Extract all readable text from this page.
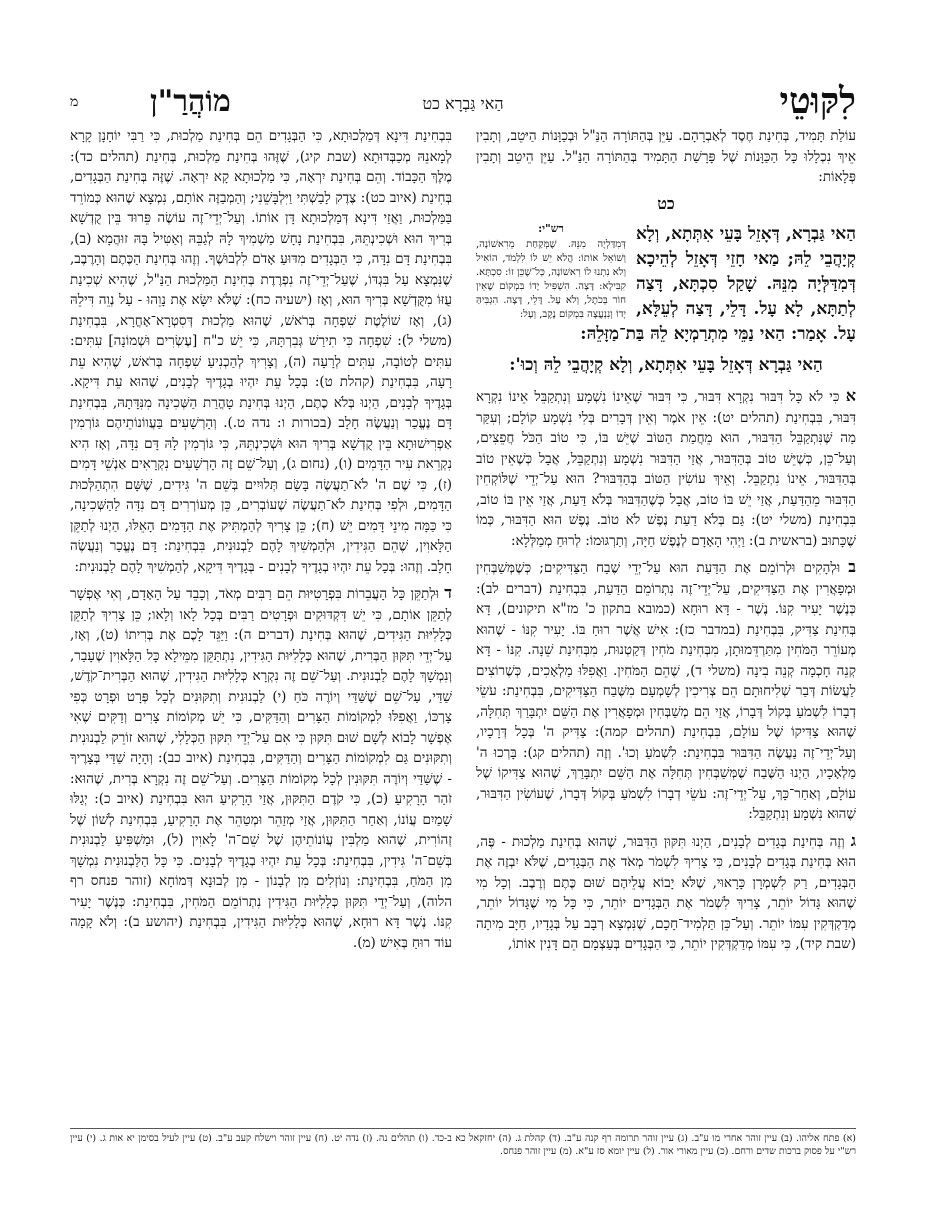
לִקּוּטֵי
הַאי גַּבְרָא כט
מוֹהֲרַ"ן
מ

עוֹלַת תָּמִיד, בְּחִינַת חֶסֶד לְאַבְרָהָם. עַיֵּן בְּהַתּוֹרָה הַנַּ"ל וּבְכַוָּנוֹת הַיּטֵב, וְתָבִין אֵיךְ נִכְלָלוּ כָּל הַכַּוָּנוֹת שֶׁל פָּרָשַׁת הַתָּמִיד בְּהַתּוֹרָה הַנַּ"ל. עַיֵּן הֵיטֵב וְתָבִין פְּלָאוֹת:

כט
רש"י:
דְּמִדַּלְיָה מִנֵּהּ. שֶׁמְּקַחַת מֵרִאשׁוֹנָה, וְשׁוֹאֵל אוֹתוֹ: הֲלֹא יֵשׁ לוֹ לִלְמֹד, הוֹאִיל וְלֹא נִתְנוּ לוֹ רִאשׁוֹנָה, כְּל־שֶׁכֵּן זוֹ: סִכְתָּא. קִבִּילָא: דָּצָה. הִשְׁפִּיל יָדוֹ בִּמְקוֹם שֶׁאֵין חוֹר בְּכֹתֶל, וְלֹא עָל. דָּלֵי, דָּצָה. הִגְבִּיהַּ יָדוֹ וְנִנְעֲצָה בִּמְקוֹם נֶקֶב, וְעָל:
הַאי גַּבְרָא, דְּאָזֵל בָּעֵי אִתְּתָא, וְלָא קְיָהֲבֵי לֵהּ; מַאי חָזֵי דְּאָזֵל לְהֵיכָא דְּמִדַּלְּיָה מִנֵּהּ. שָׁקַל סִכְתָּא, דָּצַה לְתַתָּא, לָא עָל. דָּלֵי, דָּצַה לְעֵלָּא, עָל. אָמַר: הַאי נַמֵּי מִתְרַמְיָא לֵהּ בַּת־מַזָּלֵהּ:
הַאי גַּבְרָא דְּאָזֵל בָּעֵי אִתְּתָא, וְלָא קְיָהֲבֵי לֵהּ וְכוּ':

א כִּי לֹא כָּל דִּבּוּר נִקְרָא דִּבּוּר, כִּי דִּבּוּר שֶׁאֵינוֹ נִשְׁמָע וְנִתְקַבֵּל אֵינוֹ נִקְרָא דִּבּוּר, בִּבְחִינַת (תהלים יט): אֵין אֹמֶר וְאֵין דְּבָרִים בְּלִי נִשְׁמָע קוֹלָם; וְעִקַּר מַה שֶּׁנִּתְקַבֵּל הַדִּבּוּר, הוּא מֵחֲמַת הַטּוֹב שֶׁיֵּשׁ בּוֹ, כִּי טוֹב הַכֹּל חֲפֵצִים, וְעַל־כֵּן, כְּשֶׁיֵּשׁ טוֹב בְּהַדִּבּוּר, אֲזַי הַדִּבּוּר נִשְׁמָע וְנִתְקַבֵּל, אֲבָל כְּשֶׁאֵין טוֹב בְּהַדִּבּוּר, אֵינוֹ נִתְקַבֵּל. וְאֵיךְ עוֹשִׂין הַטּוֹב בְּהַדִּבּוּר? הוּא עַל־יְדֵי שֶׁלּוֹקְחִין הַדִּבּוּר מֵהַדַּעַת, אֲזַי יֵשׁ בּוֹ טוֹב, אֲבָל כְּשֶׁהַדִּבּוּר בְּלֹא דַּעַת, אֲזַי אֵין בּוֹ טוֹב, בִּבְחִינַת (משלי יט): גַּם בְּלֹא דַעַת נֶפֶשׁ לֹא טוֹב. נֶפֶשׁ הוּא הַדִּבּוּר, כְּמוֹ שֶׁכָּתוּב (בראשית ב): וַיְהִי הָאָדָם לְנֶפֶשׁ חַיָּה, וְתַרְגּוּמוֹ: לְרוּחַ מְמַלְּלָא:

ב וּלְהָקִים וּלְרוֹמֵם אֶת הַדַּעַת הוּא עַל־יְדֵי שֶׁבַח הַצַּדִּיקִים; כְּשֶׁמְּשַׁבְּחִין וּמְפָאֲרִין אֶת הַצַּדִּיקִים, עַל־יְדֵי־זֶה נִתְרוֹמֵם הַדַּעַת, בִּבְחִינַת (דברים לב): כְּנֶשֶׁר יָעִיר קִנּוֹ. נֶשֶׁר - דָּא רוּחָא (כמובא בתקון כ' מז"א תיקונים), דָּא בְּחִינַת צַדִּיק, בִּבְחִינַת (במדבר כז): אִישׁ אֲשֶׁר רוּחַ בּוֹ. יָעִיר קִנּוֹ - שֶׁהוּא מְעוֹרֵר הַמֹּחִין מִתַּרְדֵּמוּתָן, מִבְּחִינַת מֹחִין דְּקַטְנוּת, מִבְּחִינַת שֵׁנָה. קִנּוֹ - דָּא קְנֵה חָכְמָה קְנֵה בִינָה (משלי ד), שֶׁהֵם הַמֹּחִין. וַאֲפִלּוּ מַלְאָכִים, כְּשֶׁרוֹצִים לַעֲשׂוֹת דְּבַר שְׁלִיחוּתָם הֵם צְרִיכִין לְשָׁמְעָם מִשֶּׁבַח הַצַּדִּיקִים, בִּבְחִינַת: עֹשֵׂי דְבָרוֹ לִשְׁמֹעַ בְּקוֹל דְּבָרוֹ, אֲזַי הֵם מְשַׁבְּחִין וּמְפָאֲרִין אֶת הַשֵּׁם יִתְבָּרַךְ תְּחִלָּה, שֶׁהוּא צַדִּיקוֹ שֶׁל עוֹלָם, בִּבְחִינַת (תהלים קמה): צַדִּיק ה' בְּכָל דְּרָכָיו, וְעַל־יְדֵי־זֶה נַעֲשֶׂה הַדִּבּוּר בִּבְחִינַת: לִשְׁמֹעַ וְכוּ'. וְזֶה (תהלים קג): בָּרְכוּ ה' מַלְאָכָיו, הַיְנוּ הַשֶּׁבַח שֶׁמְּשַׁבְּחִין תְּחִלָּה אֶת הַשֵּׁם יִתְבָּרַךְ, שֶׁהוּא צַדִּיקוֹ שֶׁל עוֹלָם, וְאַחַר־כָּךְ, עַל־יְדֵי־זֶה: עֹשֵׂי דְבָרוֹ לִשְׁמֹעַ בְּקוֹל דְּבָרוֹ, שֶׁעוֹשִׂין הַדִּבּוּר, שֶׁהוּא נִשְׁמָע וְנִתְקַבֵּל:

ג וְזֶה בְּחִינַת בְּגָדִים לְבָנִים, הַיְנוּ תִּקּוּן הַדִּבּוּר, שֶׁהוּא בְּחִינַת מַלְכוּת - פֶּה, הוּא בְּחִינַת בְּגָדִים לְבָנִים, כִּי צָרִיךְ לִשְׁמֹר מְאֹד אֶת הַבְּגָדִים, שֶׁלֹּא יִבְזֶה אֶת הַבְּגָדִים, רַק לִשְׁמְרָן כָּרָאוּי, שֶׁלֹּא יָבוֹא עֲלֵיהֶם שׁוּם כֶּתֶם וְרֶבֶב. וְכָל מִי שֶׁהוּא גָּדוֹל יוֹתֵר, צָרִיךְ לִשְׁמֹר אֶת הַבְּגָדִים יוֹתֵר, כִּי כָּל מִי שֶׁגָּדוֹל יוֹתֵר, מְדַקְדְּקִין עִמּוֹ יוֹתֵר. וְעַל־כֵּן תַּלְמִיד־חָכָם, שֶׁנִּמְצָא רְבָב עַל בְּגָדָיו, חַיָּב מִיתָה (שבת קיד), כִּי עִמּוֹ מְדַקְדְּקִין יוֹתֵר, כִּי הַבְּגָדִים בְּעַצְמָם הֵם דָּנִין אוֹתוֹ,

בִּבְחִינַת דִּינָא דְּמַלְכוּתָא, כִּי הַבְּגָדִים הֵם בְּחִינַת מַלְכוּת, כִּי רַבִּי יוֹחָנָן קָרָא לְמָאנֵהּ מְכַבְּדוּתָא (שבת קיג), שֶׁזֶּהוּ בְּחִינַת מַלְכוּת, בְּחִינַת (תהלים כד): מֶלֶךְ הַכָּבוֹד. וְהֵם בְּחִינַת יִרְאָה, כִּי מַלְכוּתָא קָא יִרְאָה. שֶׁזֶּה בְּחִינַת הַבְּגָדִים, בְּחִינַת (איוב כט): צֶדֶק לָבַשְׁתִּי וַיִּלְבָּשֵׁנִי; וְהַמְבַזֶּה אוֹתָם, נִמְצָא שֶׁהוּא כְּמוֹרֵד בַּמַּלְכוּת, וַאֲזַי דִּינָא דְּמַלְכוּתָא דָּן אוֹתוֹ. וְעַל־יְדֵי־זֶה עוֹשֶׂה פֵּרוּד בֵּין קֻדְשָׁא בְּרִיךְ הוּא וּשְׁכִינְתֵּהּ, בִּבְחִינַת נָחָשׁ מַשְׁמִיךְ לָהּ לְגַבֵּהּ וְאַטִּיל בָּהּ זוּהֲמָא (ב), בִּבְחִינַת דָּם נִדָּה, כִּי הַבְּגָדִים מִדּוּעַ אָדֹם לִלְבוּשֶׁךָ. וְזֶהוּ בְּחִינַת הַכֶּתֶם וְהָרֶבֶב, שֶׁנִּמְצָא עַל בִּגְדּוֹ, שֶׁעַל־יְדֵי־זֶה נִפְרֶדֶת בְּחִינַת הַמַּלְכוּת הַנַּ"ל, שֶׁהִיא שְׁכִינַת עֻזּוֹ מִקֻּדְשָׁא בְּרִיךְ הוּא, וְאָז (ישעיה כח): שֶׁלֹּא יִשָּׂא אֶת נָוֵהוּ - עַל נְוֵה דִּילֵהּ (ג), וְאָז שׁוֹלֶטֶת שִׁפְחָה בְּרֹאשׁ, שֶׁהוּא מַלְכוּת דְּסִטְרָא־אָחֳרָא, בִּבְחִינַת (משלי ל): שִׁפְחָה כִּי תִירַשׁ גְּבִרְתָּהּ, כִּי יֵשׁ כ"ח [עֶשְׂרִים וּשְׁמוֹנָה] עִתִּים: עִתִּים לְטוֹבָה, עִתִּים לְרָעָה (ה), וְצָרִיךְ לְהַכְנִיעַ שִׁפְחָה בְּרֹאשׁ, שֶׁהִיא עֵת רָעָה, בִּבְחִינַת (קהלת ט): בְּכָל עֵת יִהְיוּ בְגָדֶיךָ לְבָנִים, שֶׁהוּא עֵת דִּיקָא. בְּגָדֶיךָ לְבָנִים, הַיְנוּ בְּלֹא כֶתֶם, הַיְנוּ בְּחִינַת טָהֳרַת הַשְּׁכִינָה מִנִּדָּתָהּ, בִּבְחִינַת דָּם נֶעֱכַר וְנַעֲשֶׂה חָלָב (בכורות ו: נדה ט.). וְהָרְשָׁעִים בַּעֲווֹנוֹתֵיהֶם גּוֹרְמִין אַפְרִישׁוּתָא בֵּין קֻדְשָׁא בְּרִיךְ הוּא וּשְׁכִינְתֵּהּ, כִּי גּוֹרְמִין לָהּ דָּם נִדָּה, וְאָז הִיא נִקְרֵאת עִיר הַדָּמִים (ו), (נחום ג), וְעַל־שֵׁם זֶה הָרְשָׁעִים נִקְרָאִים אַנְשֵׁי דָּמִים (ז), כִּי שֶׁם ה' לֹא־תַעֲשֶׂה בָּשָׂם תְּלוּיִים בְּשֵׁם ה' גִּידִים, שֶׁשָּׁם הִתְהַלְּכוּת הַדָּמִים, וּלְפִי בְּחִינַת לֹא־תַעֲשֶׂה שֶׁעוֹבְרִים, כֵּן מְעוֹרְרִים דָּם נִדָּה לַהַשְּׁכִינָה, כִּי כַּמָּה מִינֵי דָּמִים יֵשׁ (ח); כֵּן צָרִיךְ לְהַמְתִּיק אֶת הַדָּמִים הָאֵלּוּ, הַיְנוּ לְתַקֵּן הַלָּאוִין, שֶׁהֵם הַגִּידִין, וּלְהַמְשִׁיךְ לָהֶם לַבְנוּנִית, בִּבְחִינַת: דָּם נֶעֱכַר וְנַעֲשֶׂה חָלָב. וְזֶהוּ: בְּכָל עֵת יִהְיוּ בְגָדֶיךָ לְבָנִים - בְּגָדֶיךָ דִּיקָא, לְהַמְשִׁיךְ לָהֶם לַבְנוּנִית:

ד וּלְתַקֵּן כָּל הָעֲבֵרוֹת בִּפְרָטִיּוּת הֵם רַבִּים מְאֹד, וְכָבֵד עַל הָאָדָם, וְאִי אֶפְשָׁר לְתַקֵּן אוֹתָם, כִּי יֵשׁ דִּקְדּוּקִים וּפְרָטִים רַבִּים בְּכָל לָאו וְלָאו; כֵּן צָרִיךְ לְתַקֵּן כְּלָלִיּוּת הַגִּידִים, שֶׁהוּא בְּחִינַת (דברים ה): וַיַּגֵּד לָכֶם אֶת בְּרִיתוֹ (ט), וְאָז, עַל־יְדֵי תִּקּוּן הַבְּרִית, שֶׁהוּא כְּלָלִיּוּת הַגִּידִין, נִתְתַּקֵּן מִמֵּילָא כָּל הַלָּאוִין שֶׁעָבַר, וְנִמְשָׁךְ לָהֶם לַבְנוּנִית. וְעַל־שֵׁם זֶה נִקְרָא כְּלָלִיּוּת הַגִּידִין, שֶׁהוּא הַבְּרִית־קֹדֶשׁ, שַׁדַּי, עַל־שֵׁם שֶׁשַּׁדַּי וְיוֹרֶה כֹּחַ (י) לַבְנוּנִית וְתִקּוּנִים לְכָל פְּרָט וּפְרָט כְּפִי צָרְכּוֹ, וַאֲפִלּוּ לִמְקוֹמוֹת הַצָּרִים וְהַדַּקִּים, כִּי יֵשׁ מְקוֹמוֹת צָרִים וְדַקִּים שֶׁאִי אֶפְשָׁר לָבוֹא לְשָׁם שׁוּם תִּקּוּן כִּי אִם עַל־יְדֵי תִּקּוּן הַכְּלָלִי, שֶׁהוּא זוֹרֵק לַבְנוּנִית וְתִקּוּנִים גַּם לִמְקוֹמוֹת הַצָּרִים וְהַדַּקִּים, בִּבְחִינַת (איוב כב): וְהָיָה שַׁדַּי בְּצָרֶיךָ - שֶׁשַּׁדַּי וְיוֹרֶה תִּקּוּנִין לְכָל מְקוֹמוֹת הַצָּרִים. וְעַל־שֵׁם זֶה נִקְרָא בְּרִית, שֶׁהוּא: זֹהַר הָרָקִיעַ (כ), כִּי קֹדֶם הַתִּקּוּן, אֲזַי הָרָקִיעַ הוּא בִּבְחִינַת (איוב כ): יְגַלּוּ שָׁמַיִם עֲוֹנוֹ, וְאַחַר הַתִּקּוּן, אֲזַי מְזַהֵר וּמְטַהֵר אֶת הָרָקִיעַ, בִּבְחִינַת לְשׁוֹן שֶׁל זְהוֹרִית, שֶׁהוּא מַלְבִּין עֲוֹנוֹתֵיהֶן שֶׁל שֵׁם־ה' לָאוִין (ל), וּמַשְׁפִּיעַ לַבְנוּנִית בְּשֵׁם־ה' גִּידִין, בִּבְחִינַת: בְּכָל עֵת יִהְיוּ בְגָדֶיךָ לְבָנִים. כִּי כָּל הַלַּבְנוּנִית נִמְשָׁךְ מִן הַמֹּחַ, בִּבְחִינַת: וְנוֹזְלִים מִן לְבָנוֹן - מִן לְבוּנָא דְּמוֹחָא (זוהר פנחס רף הלוה), וְעַל־יְדֵי תִּקּוּן כְּלָלִיּוּת הַגִּידִין נִתְרוֹמֵם הַמֹּחִין, בִּבְחִינַת: כְּנֶשֶׁר יָעִיר קִנּוֹ. נֶשֶׁר דָּא רוּחָא, שֶׁהוּא כְּלָלִיּוּת הַגִּידִין, בִּבְחִינַת (יהושע ב): וְלֹא קָמָה עוֹד רוּחַ בְּאִישׁ (מ).

(א) פתח אליהו. (ב) עיין זוהר אחרי מו ע"ב. (ג) עיין זוהר תרומה רף קנה ע"ב. (ד) קהלת ג. (ה) יחזקאל כא ב-כד. (ו) תהלים נה. (ז) נדה יט. (ח) עיין זוהר וישלח קעב ע"ב. (ט) עיין לעיל בסימן יא אות ג. (י) עיין רש"י על פסוק ברכות שדים ורחם. (כ) עיין מאורי אור. (ל) עיין יומא סז ע"א. (מ) עיין זוהר פנחס.
